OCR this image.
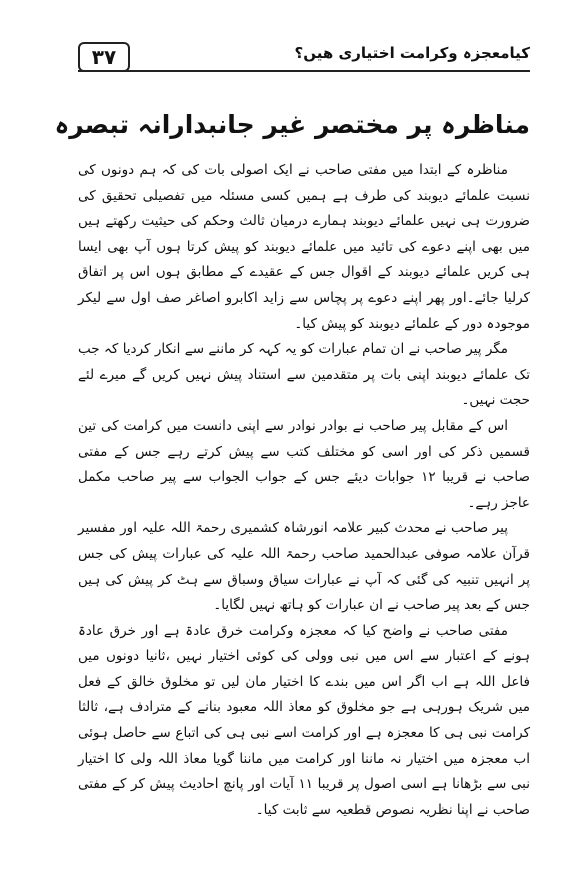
۳۷	کیامعجزہ وکرامت اختیاری ھیں؟
مناظرہ پر مختصر غیر جانبدارانہ تبصرہ

مناظرہ کے ابتدا میں مفتی صاحب نے ایک اصولی بات کی کہ ہم دونوں کی نسبت علمائے دیوبند کی طرف ہے ہمیں کسی مسئلہ میں تفصیلی تحقیق کی ضرورت ہی نہیں علمائے دیوبند ہمارے درمیان ثالث وحکم کی حیثیت رکھتے ہیں میں بھی اپنے دعوے کی تائید میں علمائے دیوبند کو پیش کرتا ہوں آپ بھی ایسا ہی کریں علمائے دیوبند کے اقوال جس کے عقیدے کے مطابق ہوں اس پر اتفاق کرلیا جائے۔اور پھر اپنے دعوے پر پچاس سے زاید اکابرو اصاغر صف اول سے لیکر موجودہ دور کے علمائے دیوبند کو پیش کیا۔

مگر پیر صاحب نے ان تمام عبارات کو یہ کہہ کر ماننے سے انکار کردیا کہ جب تک علمائے دیوبند اپنی بات پر متقدمین سے استناد پیش نہیں کریں گے میرے لئے حجت نہیں۔

اس کے مقابل پیر صاحب نے بوادر نوادر سے اپنی دانست میں کرامت کی تین قسمیں ذکر کی اور اسی کو مختلف کتب سے پیش کرتے رہے جس کے مفتی صاحب نے قریبا ۱۲ جوابات دیئے جس کے جواب الجواب سے پیر صاحب مکمل عاجز رہے۔

پیر صاحب نے محدث کبیر علامہ انورشاہ کشمیری رحمۃ اللہ علیہ اور مفسیر قرآن علامہ صوفی عبدالحمید صاحب رحمۃ اللہ علیہ کی عبارات پیش کی جس پر انہیں تنبیہ کی گئی کہ آپ نے عبارات سیاق وسباق سے ہٹ کر پیش کی ہیں جس کے بعد پیر صاحب نے ان عبارات کو ہاتھ نہیں لگایا۔

مفتی صاحب نے واضح کیا کہ معجزہ وکرامت خرق عادۃ ہے اور خرق عادۃ ہونے کے اعتبار سے اس میں نبی وولی کی کوئی اختیار نہیں ،ثانیا دونوں میں فاعل اللہ ہے اب اگر اس میں بندے کا اختیار مان لیں تو مخلوق خالق کے فعل میں شریک ہورہی ہے جو مخلوق کو معاذ اللہ معبود بنانے کے مترادف ہے، ثالثا کرامت نبی ہی کا معجزہ ہے اور کرامت اسے نبی ہی کی اتباع سے حاصل ہوئی اب معجزہ میں اختیار نہ ماننا اور کرامت میں ماننا گویا معاذ اللہ ولی کا اختیار نبی سے بڑھانا ہے اسی اصول پر قریبا ۱۱ آیات اور پانچ احادیث پیش کر کے مفتی صاحب نے اپنا نظریہ نصوص قطعیہ سے ثابت کیا۔
